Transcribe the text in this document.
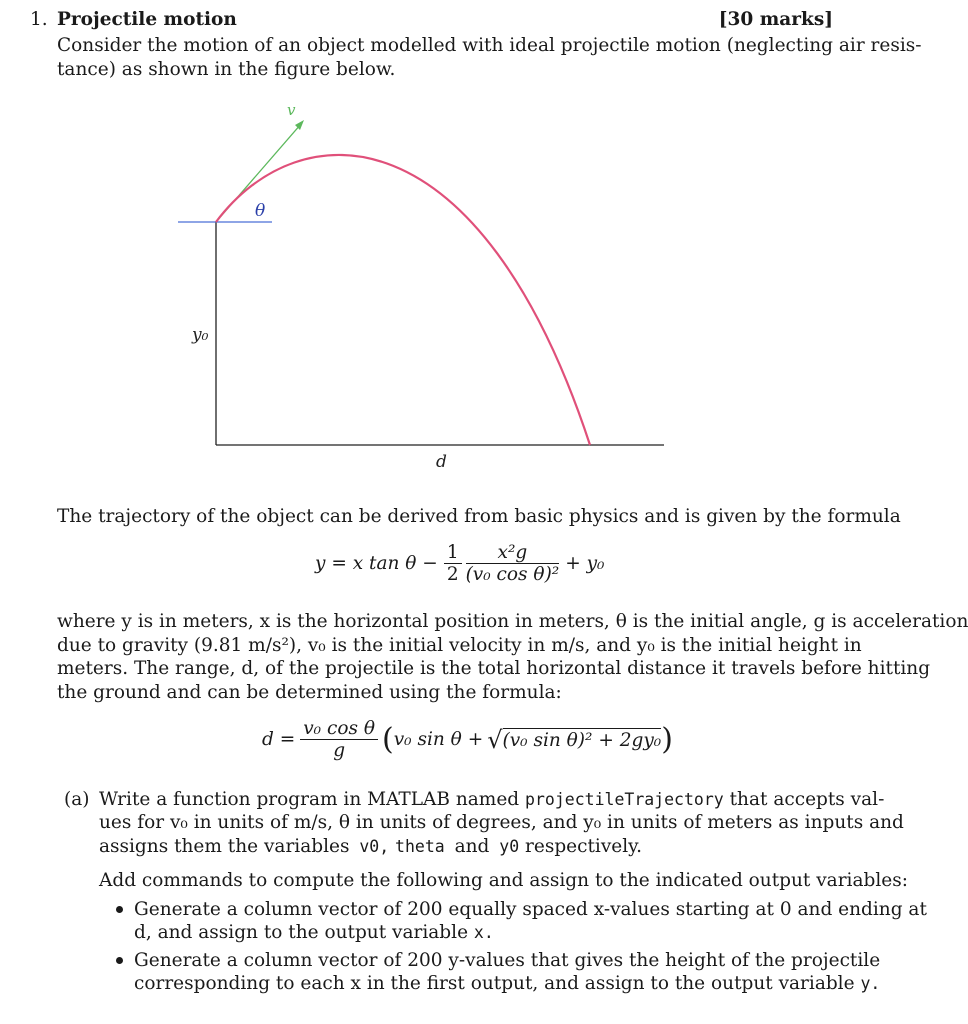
1. Projectile motion	[30 marks]
Consider the motion of an object modelled with ideal projectile motion (neglecting air resis-
tance) as shown in the figure below.
v
θ
y₀
d
The trajectory of the object can be derived from basic physics and is given by the formula
y = x $\tan \theta - \frac{1}{2} \frac{\text{x²g}}{\text{(v₀ cos θ)²}} + y_0$
where y is in meters, x is the horizontal position in meters, θ is the initial angle, g is acceleration
due to gravity (9.81 m/s²), v₀ is the initial velocity in m/s, and y₀ is the initial height in
meters. The range, d, of the projectile is the total horizontal distance it travels before hitting
the ground and can be determined using the formula:
$d = \frac{\text{v₀ cos θ}}{g}$ ( v₀ sin θ + √ (v₀ sin θ)² + 2gy₀ )
(a) Write a function program in MATLAB named projectileTrajectory that accepts val-
ues for v₀ in units of m/s, θ in units of degrees, and y₀ in units of meters as inputs and
assigns them the variables v0, theta and y0 respectively.
Add commands to compute the following and assign to the indicated output variables:
Generate a column vector of 200 equally spaced x-values starting at 0 and ending at
d, and assign to the output variable x.
Generate a column vector of 200 y-values that gives the height of the projectile
corresponding to each x in the first output, and assign to the output variable y.
